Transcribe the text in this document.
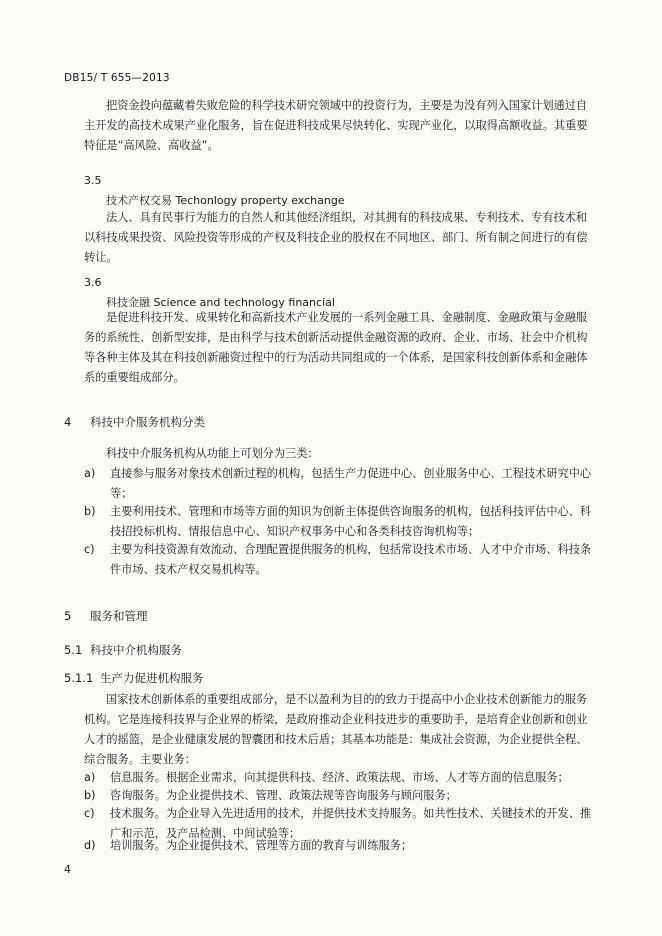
DB15/ T 655—2013
把资金投向蕴藏着失败危险的科学技术研究领域中的投资行为，主要是为没有列入国家计划通过自主开发的高技术成果产业化服务，旨在促进科技成果尽快转化、实现产业化，以取得高额收益。其重要特征是“高风险、高收益”。
3.5
技术产权交易 Techonlogy property exchange
法人、具有民事行为能力的自然人和其他经济组织，对其拥有的科技成果、专利技术、专有技术和以科技成果投资、风险投资等形成的产权及科技企业的股权在不同地区、部门、所有制之间进行的有偿转让。
3.6
科技金融 Science and technology financial
是促进科技开发、成果转化和高新技术产业发展的一系列金融工具、金融制度、金融政策与金融服务的系统性、创新型安排，是由科学与技术创新活动提供金融资源的政府、企业、市场、社会中介机构等各种主体及其在科技创新融资过程中的行为活动共同组成的一个体系，是国家科技创新体系和金融体系的重要组成部分。
4 科技中介服务机构分类
科技中介服务机构从功能上可划分为三类：
a)	直接参与服务对象技术创新过程的机构，包括生产力促进中心、创业服务中心、工程技术研究中心等；
b)	主要利用技术、管理和市场等方面的知识为创新主体提供咨询服务的机构，包括科技评估中心、科技招投标机构、情报信息中心、知识产权事务中心和各类科技咨询机构等；
c)	主要为科技资源有效流动、合理配置提供服务的机构，包括常设技术市场、人才中介市场、科技条件市场、技术产权交易机构等。
5 服务和管理
5.1 科技中介机构服务
5.1.1 生产力促进机构服务
国家技术创新体系的重要组成部分，是不以盈利为目的的致力于提高中小企业技术创新能力的服务机构。它是连接科技界与企业界的桥梁，是政府推动企业科技进步的重要助手，是培育企业创新和创业人才的摇篮，是企业健康发展的智囊团和技术后盾；其基本功能是：集成社会资源，为企业提供全程、综合服务。主要业务：
a)	信息服务。根据企业需求，向其提供科技、经济、政策法规、市场、人才等方面的信息服务；
b)	咨询服务。为企业提供技术、管理、政策法规等咨询服务与顾问服务；
c)	技术服务。为企业导入先进适用的技术，并提供技术支持服务。如共性技术、关键技术的开发、推广和示范，及产品检测、中间试验等；
d)	培训服务。为企业提供技术、管理等方面的教育与训练服务；
4
